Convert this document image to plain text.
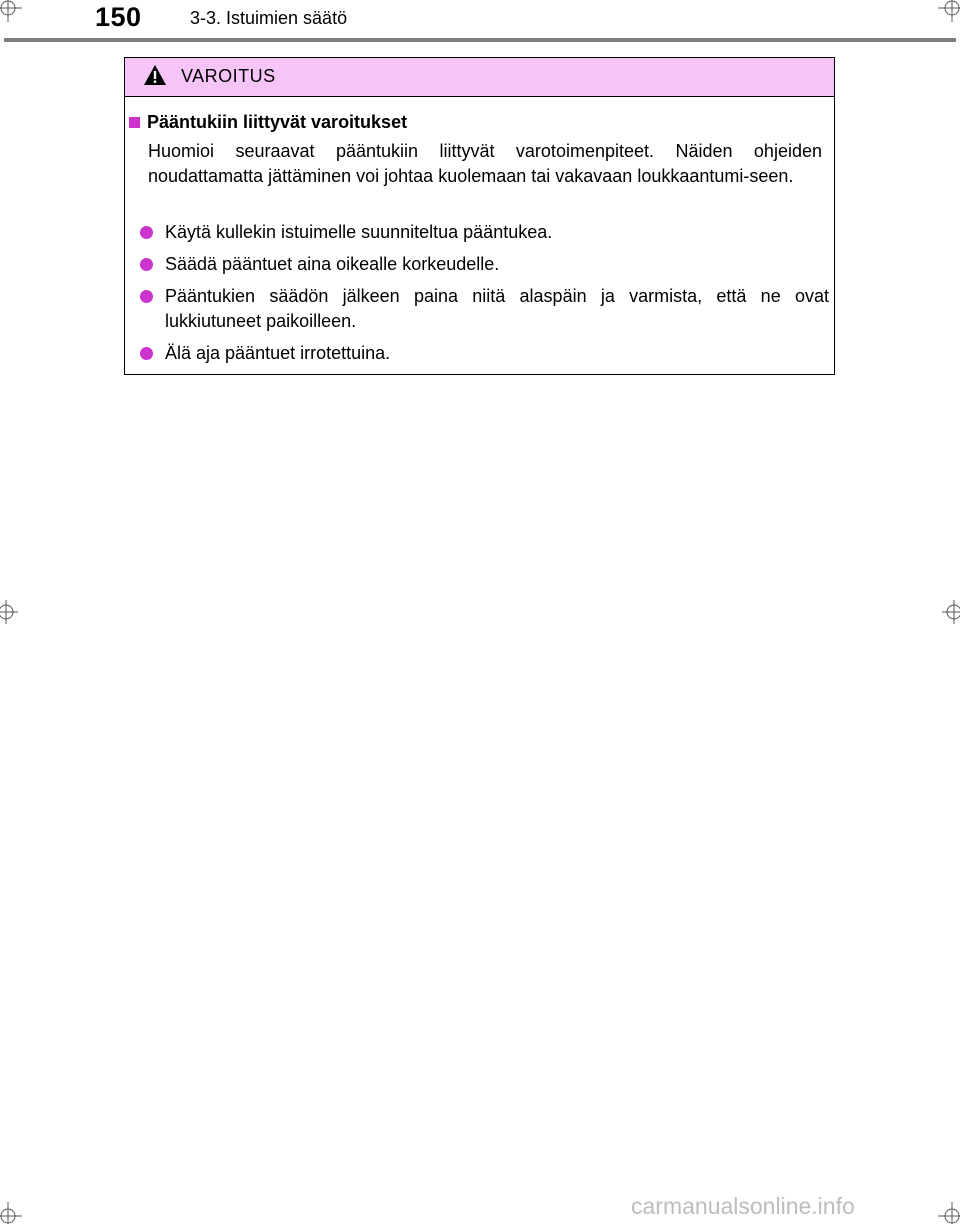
150	3-3. Istuimien säätö
VAROITUS
Pääntukiin liittyvät varoitukset
Huomioi seuraavat pääntukiin liittyvät varotoimenpiteet. Näiden ohjeiden noudattamatta jättäminen voi johtaa kuolemaan tai vakavaan loukkaantumi-seen.
Käytä kullekin istuimelle suunniteltua pääntukea.
Säädä pääntuet aina oikealle korkeudelle.
Pääntukien säädön jälkeen paina niitä alaspäin ja varmista, että ne ovat lukkiutuneet paikoilleen.
Älä aja pääntuet irrotettuina.
carmanualsonline.info
